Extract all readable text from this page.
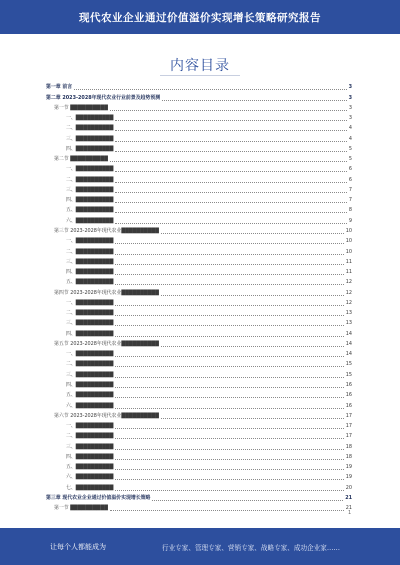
现代农业企业通过价值溢价实现增长策略研究报告
内容目录
第一章 前言	3
第二章 2023-2028年现代农业行业前景及趋势预测	3
第一节 ██████████	3
一、██████████	3
二、██████████	4
三、██████████	4
四、██████████	5
第二节 ██████████	5
一、██████████	6
二、██████████	6
三、██████████	7
四、██████████	7
五、██████████	8
六、██████████	9
第三节 2023-2028年现代农业██████████	10
一、██████████	10
二、██████████	10
三、██████████	11
四、██████████	11
五、██████████	12
第四节 2023-2028年现代农业██████████	12
一、██████████	12
二、██████████	13
三、██████████	13
四、██████████	14
第五节 2023-2028年现代农业██████████	14
一、██████████	14
二、██████████	15
三、██████████	15
四、██████████	16
五、██████████	16
六、██████████	16
第六节 2023-2028年现代农业██████████	17
一、██████████	17
二、██████████	17
三、██████████	18
四、██████████	18
五、██████████	19
六、██████████	19
七、██████████	20
第三章 现代农业企业通过价值溢价实现增长策略	21
第一节 ██████████	21
1
让每个人都能成为	行业专家、管理专家、营销专家、战略专家、成功企业家……
